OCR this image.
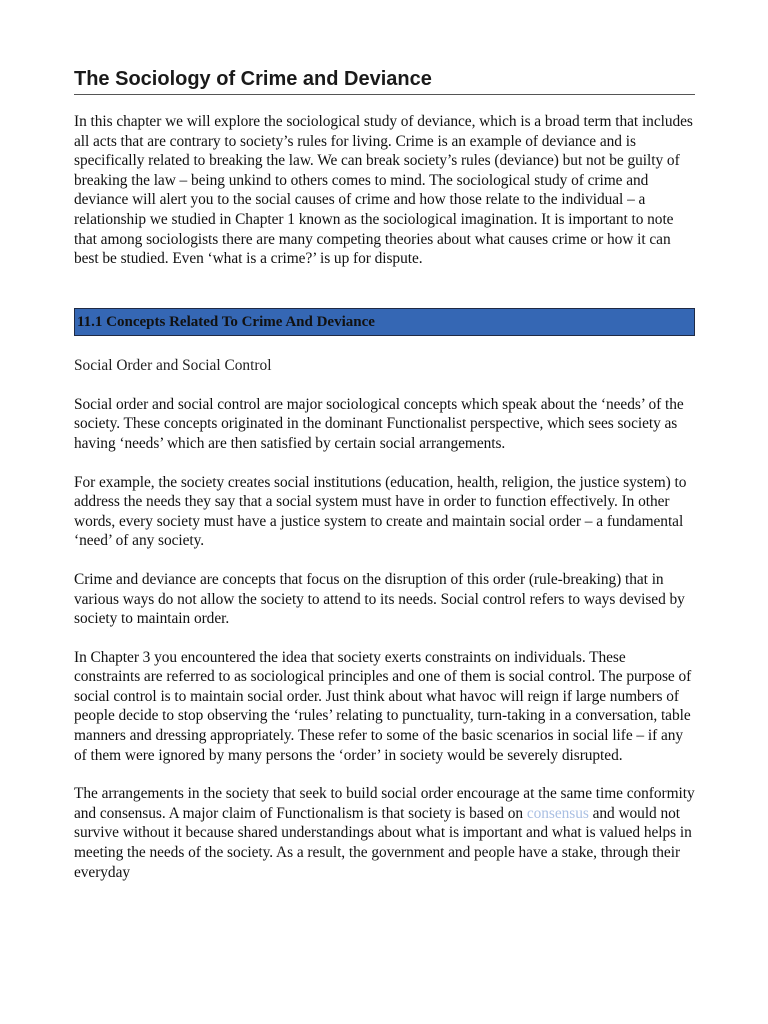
The Sociology of Crime and Deviance

In this chapter we will explore the sociological study of deviance, which is a broad term that includes all acts that are contrary to society’s rules for living. Crime is an example of deviance and is specifically related to breaking the law. We can break society’s rules (deviance) but not be guilty of breaking the law – being unkind to others comes to mind. The sociological study of crime and deviance will alert you to the social causes of crime and how those relate to the individual – a relationship we studied in Chapter 1 known as the sociological imagination. It is important to note that among sociologists there are many competing theories about what causes crime or how it can best be studied. Even ‘what is a crime?’ is up for dispute.

11.1 Concepts Related To Crime And Deviance

Social Order and Social Control

Social order and social control are major sociological concepts which speak about the ‘needs’ of the society. These concepts originated in the dominant Functionalist perspective, which sees society as having ‘needs’ which are then satisfied by certain social arrangements.

For example, the society creates social institutions (education, health, religion, the justice system) to address the needs they say that a social system must have in order to function effectively. In other words, every society must have a justice system to create and maintain social order – a fundamental ‘need’ of any society.

Crime and deviance are concepts that focus on the disruption of this order (rule-breaking) that in various ways do not allow the society to attend to its needs. Social control refers to ways devised by society to maintain order.

In Chapter 3 you encountered the idea that society exerts constraints on individuals. These constraints are referred to as sociological principles and one of them is social control. The purpose of social control is to maintain social order. Just think about what havoc will reign if large numbers of people decide to stop observing the ‘rules’ relating to punctuality, turn-taking in a conversation, table manners and dressing appropriately. These refer to some of the basic scenarios in social life – if any of them were ignored by many persons the ‘order’ in society would be severely disrupted.

The arrangements in the society that seek to build social order encourage at the same time conformity and consensus. A major claim of Functionalism is that society is based on consensus and would not survive without it because shared understandings about what is important and what is valued helps in meeting the needs of the society. As a result, the government and people have a stake, through their everyday
